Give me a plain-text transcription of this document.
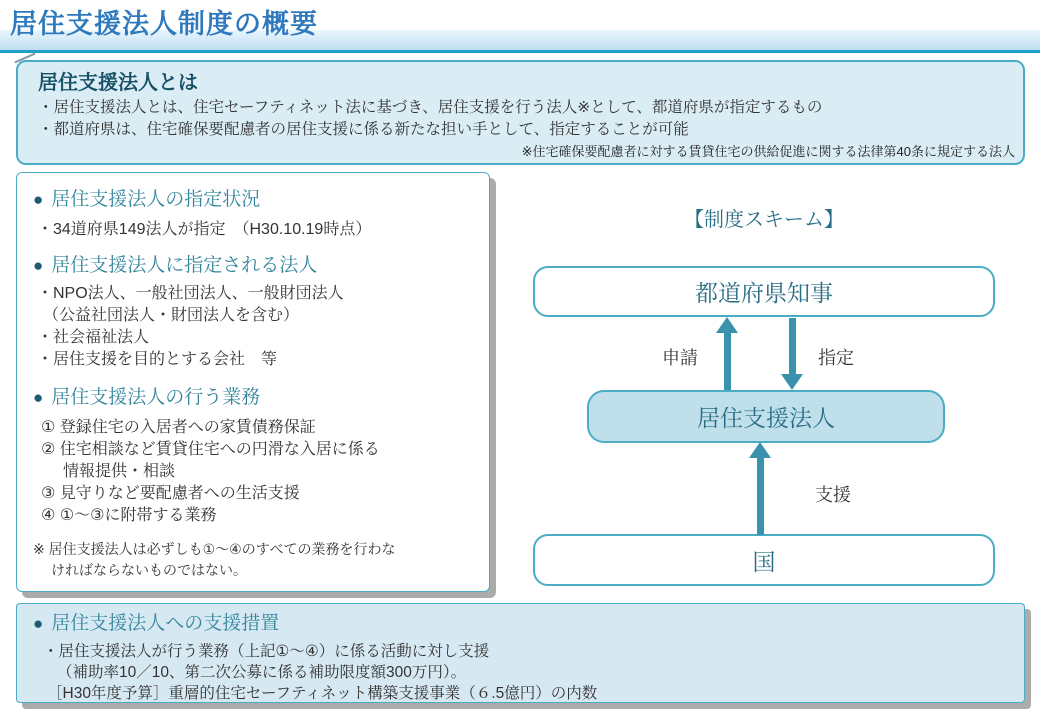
居住支援法人制度の概要
居住支援法人とは

・居住支援法人とは、住宅セーフティネット法に基づき、居住支援を行う法人※として、都道府県が指定するもの

・都道府県は、住宅確保要配慮者の居住支援に係る新たな担い手として、指定することが可能

※住宅確保要配慮者に対する賃貸住宅の供給促進に関する法律第40条に規定する法人

● 居住支援法人の指定状況
・34道府県149法人が指定　（H30.10.19時点）
● 居住支援法人に指定される法人
・NPO法人、一般社団法人、一般財団法人
（公益社団法人・財団法人を含む）
・社会福祉法人
・居住支援を目的とする会社　等
● 居住支援法人の行う業務
① 登録住宅の入居者への家賃債務保証
② 住宅相談など賃貸住宅への円滑な入居に係る
情報提供・相談
③ 見守りなど要配慮者への生活支援
④ ①～③に附帯する業務
※ 居住支援法人は必ずしも①～④のすべての業務を行わな
ければならないものではない。
【制度スキーム】
都道府県知事
居住支援法人
国
申請	指定
支援
● 居住支援法人への支援措置
・居住支援法人が行う業務（上記①～④）に係る活動に対し支援
（補助率10／10、第二次公募に係る補助限度額300万円）。
［H30年度予算］重層的住宅セーフティネット構築支援事業（６.5億円）の内数
